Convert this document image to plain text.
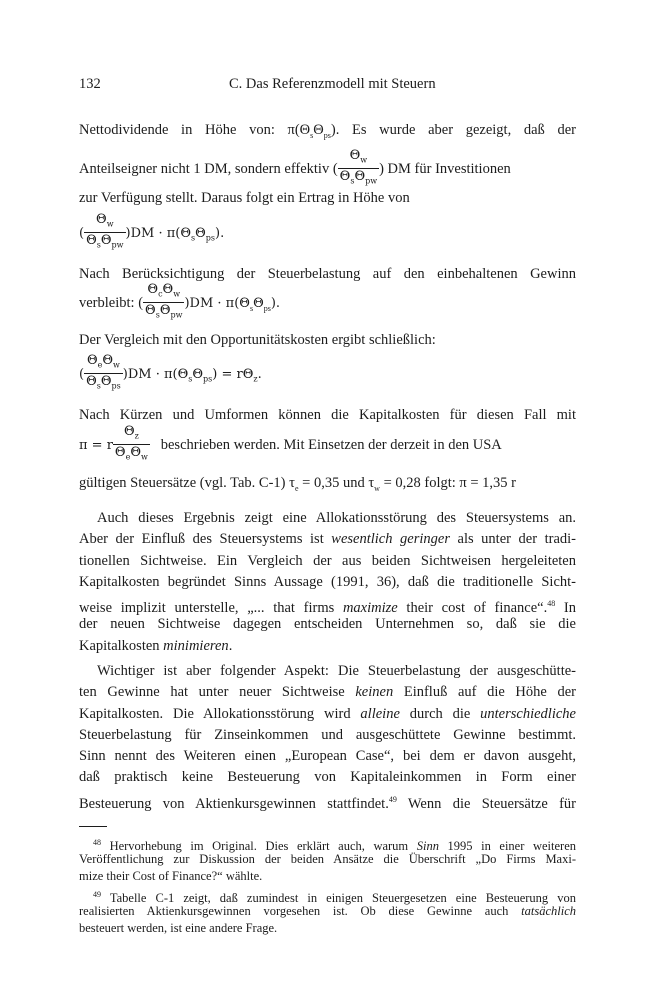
132	C. Das Referenzmodell mit Steuern
Nettodividende in Höhe von: $\pi(\Theta_s\Theta_{ps})$. Es wurde aber gezeigt, daß der
Anteilseigner nicht 1 DM, sondern effektiv ( $\frac{\Theta_w}{\Theta_s\Theta_{pw}}$ ) DM für Investitionen
zur Verfügung stellt. Daraus folgt ein Ertrag in Höhe von
( $\frac{\Theta_w}{\Theta_s\Theta_{pw}} )DM \cdot \pi(\Theta_s\Theta_{ps})$.
Nach Berücksichtigung der Steuerbelastung auf den einbehaltenen Gewinn
verbleibt: ( $\frac{\Theta_c\Theta_w}{\Theta_s\Theta_{pw}} )DM \cdot \pi(\Theta_s\Theta_{ps})$.
Der Vergleich mit den Opportunitätskosten ergibt schließlich:
( $\frac{\Theta_e\Theta_w}{\Theta_s\Theta_{ps}} )DM \cdot \pi(\Theta_s\Theta_{ps}) = r\Theta_z$.
Nach Kürzen und Umformen können die Kapitalkosten für diesen Fall mit
π = r $\frac{\Theta_z}{\Theta_e\Theta_w}$ beschrieben werden. Mit Einsetzen der derzeit in den USA
gültigen Steuersätze (vgl. Tab. C-1) $\tau_e = 0,35$ und $\tau_w = 0,28$ folgt: π = 1,35 r
Auch dieses Ergebnis zeigt eine Allokationsstörung des Steuersystems an.
Aber der Einfluß des Steuersystems ist wesentlich geringer als unter der tradi-
tionellen Sichtweise. Ein Vergleich der aus beiden Sichtweisen hergeleiteten
Kapitalkosten begründet Sinns Aussage (1991, 36), daß die traditionelle Sicht-
weise implizit unterstelle, „... that firms maximize their cost of finance“.$^{48}$ In
der neuen Sichtweise dagegen entscheiden Unternehmen so, daß sie die
Kapitalkosten minimieren.
Wichtiger ist aber folgender Aspekt: Die Steuerbelastung der ausgeschütte-
ten Gewinne hat unter neuer Sichtweise keinen Einfluß auf die Höhe der
Kapitalkosten. Die Allokationsstörung wird alleine durch die unterschiedliche
Steuerbelastung für Zinseinkommen und ausgeschüttete Gewinne bestimmt.
Sinn nennt des Weiteren einen „European Case“, bei dem er davon ausgeht,
daß praktisch keine Besteuerung von Kapitaleinkommen in Form einer
Besteuerung von Aktienkursgewinnen stattfindet.$^{49}$ Wenn die Steuersätze für
$^{48}$ Hervorhebung im Original. Dies erklärt auch, warum Sinn 1995 in einer weiteren
Veröffentlichung zur Diskussion der beiden Ansätze die Überschrift „Do Firms Maxi-
mize their Cost of Finance?“ wählte.
$^{49}$ Tabelle C-1 zeigt, daß zumindest in einigen Steuergesetzen eine Besteuerung von
realisierten Aktienkursgewinnen vorgesehen ist. Ob diese Gewinne auch tatsächlich
besteuert werden, ist eine andere Frage.
